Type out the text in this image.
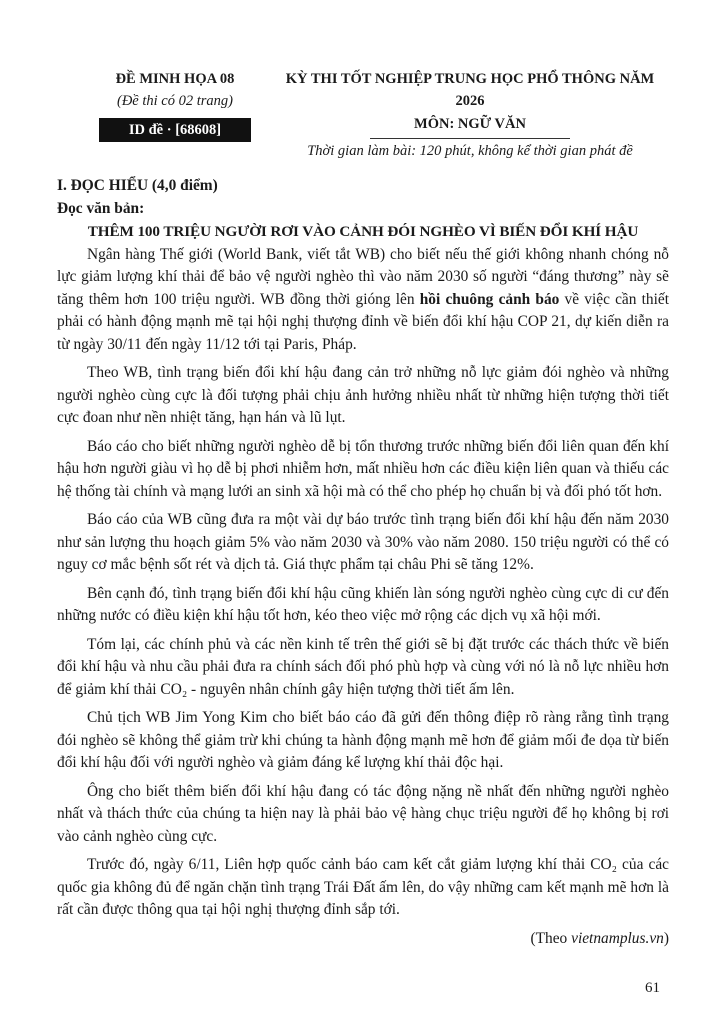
ĐỀ MINH HỌA 08
(Đề thi có 02 trang)
ID đề · [68608]
KỲ THI TỐT NGHIỆP TRUNG HỌC PHỔ THÔNG NĂM 2026
MÔN: NGỮ VĂN
Thời gian làm bài: 120 phút, không kể thời gian phát đề

I. ĐỌC HIỂU (4,0 điểm)

Đọc văn bản:

THÊM 100 TRIỆU NGƯỜI RƠI VÀO CẢNH ĐÓI NGHÈO VÌ BIẾN ĐỔI KHÍ HẬU

Ngân hàng Thế giới (World Bank, viết tắt WB) cho biết nếu thế giới không nhanh chóng nỗ lực giảm lượng khí thải để bảo vệ người nghèo thì vào năm 2030 số người “đáng thương” này sẽ tăng thêm hơn 100 triệu người. WB đồng thời gióng lên hồi chuông cảnh báo về việc cần thiết phải có hành động mạnh mẽ tại hội nghị thượng đỉnh về biến đổi khí hậu COP 21, dự kiến diễn ra từ ngày 30/11 đến ngày 11/12 tới tại Paris, Pháp.

Theo WB, tình trạng biến đổi khí hậu đang cản trở những nỗ lực giảm đói nghèo và những người nghèo cùng cực là đối tượng phải chịu ảnh hưởng nhiều nhất từ những hiện tượng thời tiết cực đoan như nền nhiệt tăng, hạn hán và lũ lụt.

Báo cáo cho biết những người nghèo dễ bị tổn thương trước những biến đổi liên quan đến khí hậu hơn người giàu vì họ dễ bị phơi nhiễm hơn, mất nhiều hơn các điều kiện liên quan và thiếu các hệ thống tài chính và mạng lưới an sinh xã hội mà có thể cho phép họ chuẩn bị và đối phó tốt hơn.

Báo cáo của WB cũng đưa ra một vài dự báo trước tình trạng biến đổi khí hậu đến năm 2030 như sản lượng thu hoạch giảm 5% vào năm 2030 và 30% vào năm 2080. 150 triệu người có thể có nguy cơ mắc bệnh sốt rét và dịch tả. Giá thực phẩm tại châu Phi sẽ tăng 12%.

Bên cạnh đó, tình trạng biến đổi khí hậu cũng khiến làn sóng người nghèo cùng cực di cư đến những nước có điều kiện khí hậu tốt hơn, kéo theo việc mở rộng các dịch vụ xã hội mới.

Tóm lại, các chính phủ và các nền kinh tế trên thế giới sẽ bị đặt trước các thách thức về biến đổi khí hậu và nhu cầu phải đưa ra chính sách đối phó phù hợp và cùng với nó là nỗ lực nhiều hơn để giảm khí thải CO₂ - nguyên nhân chính gây hiện tượng thời tiết ấm lên.

Chủ tịch WB Jim Yong Kim cho biết báo cáo đã gửi đến thông điệp rõ ràng rằng tình trạng đói nghèo sẽ không thể giảm trừ khi chúng ta hành động mạnh mẽ hơn để giảm mối đe dọa từ biến đổi khí hậu đối với người nghèo và giảm đáng kể lượng khí thải độc hại.

Ông cho biết thêm biến đổi khí hậu đang có tác động nặng nề nhất đến những người nghèo nhất và thách thức của chúng ta hiện nay là phải bảo vệ hàng chục triệu người để họ không bị rơi vào cảnh nghèo cùng cực.

Trước đó, ngày 6/11, Liên hợp quốc cảnh báo cam kết cắt giảm lượng khí thải CO₂ của các quốc gia không đủ để ngăn chặn tình trạng Trái Đất ấm lên, do vậy những cam kết mạnh mẽ hơn là rất cần được thông qua tại hội nghị thượng đỉnh sắp tới.

(Theo vietnamplus.vn)

61
